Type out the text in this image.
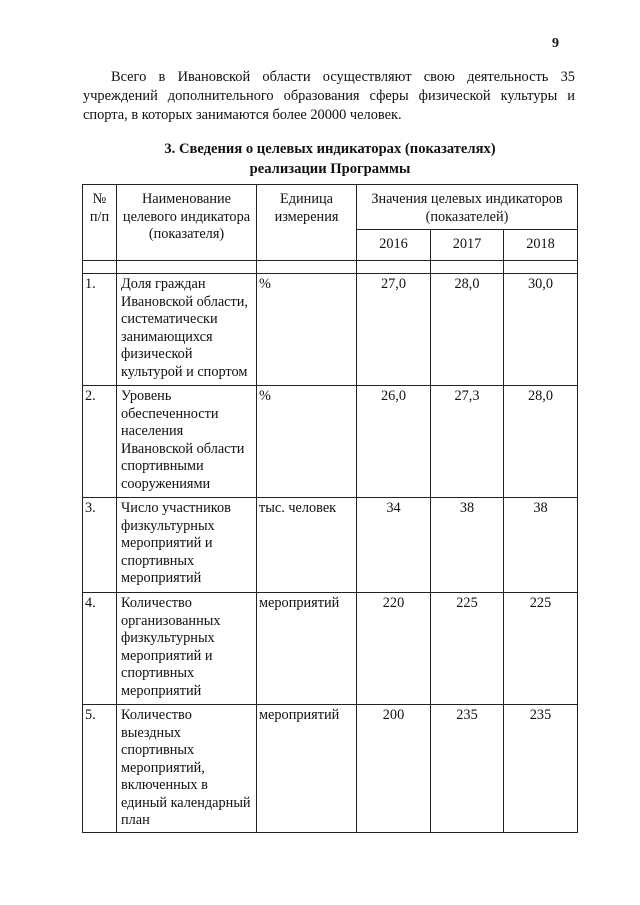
9

Всего в Ивановской области осуществляют свою деятельность 35 учреждений дополнительного образования сферы физической культуры и спорта, в которых занимаются более 20000 человек.

3. Сведения о целевых индикаторах (показателях)
реализации Программы
№ п/п	Наименование целевого индикатора (показателя)	Единица измерения	Значения целевых индикаторов (показателей)		
			2016	2017	2018

1.	Доля граждан Ивановской области, систематически занимающихся физической культурой и спортом	%	27,0	28,0	30,0
2.	Уровень обеспеченности населения Ивановской области спортивными сооружениями	%	26,0	27,3	28,0
3.	Число участников физкультурных мероприятий и спортивных мероприятий	тыс. человек	34	38	38
4.	Количество организованных физкультурных мероприятий и спортивных мероприятий	мероприятий	220	225	225
5.	Количество выездных спортивных мероприятий, включенных в единый календарный план	мероприятий	200	235	235
